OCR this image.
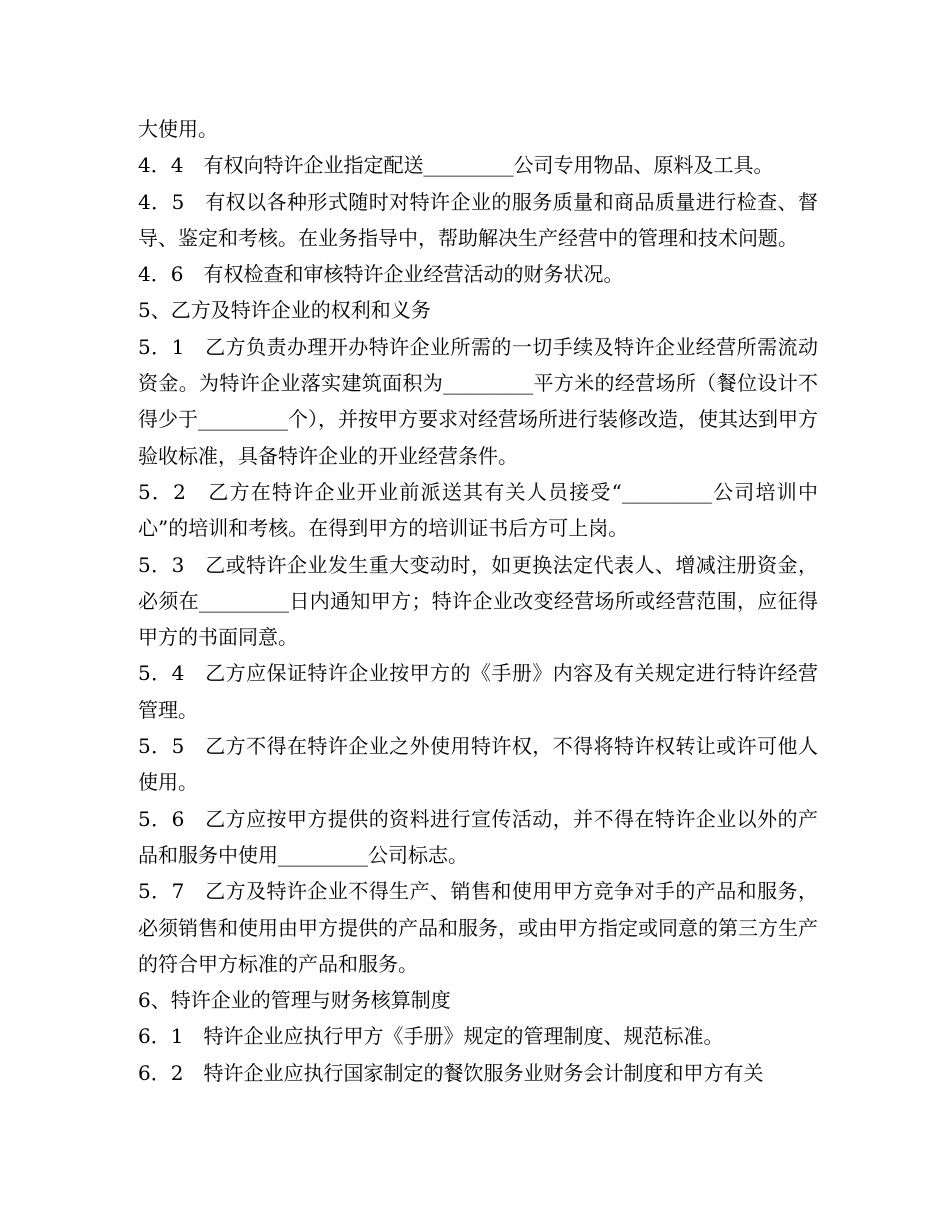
大使用。

4．4　有权向特许企业指定配送_________公司专用物品、原料及工具。

4．5　有权以各种形式随时对特许企业的服务质量和商品质量进行检查、督导、鉴定和考核。在业务指导中，帮助解决生产经营中的管理和技术问题。

4．6　有权检查和审核特许企业经营活动的财务状况。

5、乙方及特许企业的权利和义务

5．1　乙方负责办理开办特许企业所需的一切手续及特许企业经营所需流动资金。为特许企业落实建筑面积为_________平方米的经营场所（餐位设计不得少于_________个），并按甲方要求对经营场所进行装修改造，使其达到甲方验收标准，具备特许企业的开业经营条件。

5．2　乙方在特许企业开业前派送其有关人员接受“_________公司培训中心”的培训和考核。在得到甲方的培训证书后方可上岗。

5．3　乙或特许企业发生重大变动时，如更换法定代表人、增减注册资金，必须在_________日内通知甲方；特许企业改变经营场所或经营范围，应征得甲方的书面同意。

5．4　乙方应保证特许企业按甲方的《手册》内容及有关规定进行特许经营管理。

5．5　乙方不得在特许企业之外使用特许权，不得将特许权转让或许可他人使用。

5．6　乙方应按甲方提供的资料进行宣传活动，并不得在特许企业以外的产品和服务中使用_________公司标志。

5．7　乙方及特许企业不得生产、销售和使用甲方竞争对手的产品和服务，必须销售和使用由甲方提供的产品和服务，或由甲方指定或同意的第三方生产的符合甲方标准的产品和服务。

6、特许企业的管理与财务核算制度

6．1　特许企业应执行甲方《手册》规定的管理制度、规范标准。

6．2　特许企业应执行国家制定的餐饮服务业财务会计制度和甲方有关
